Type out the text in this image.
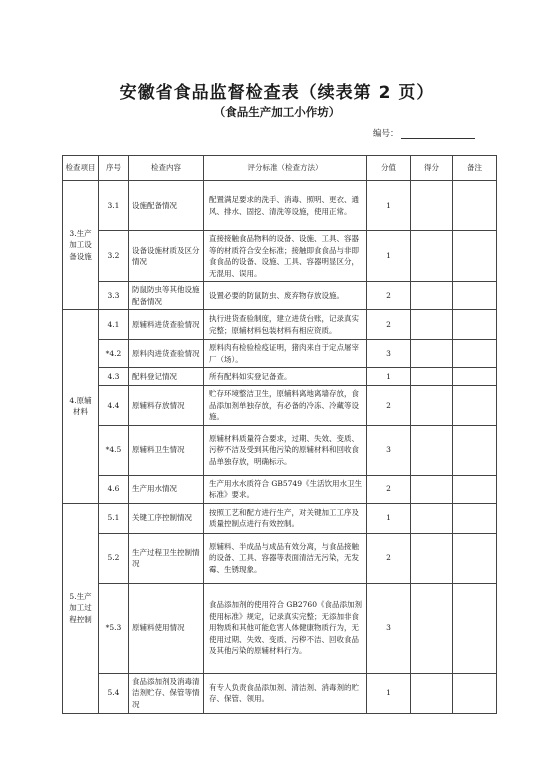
安徽省食品监督检查表（续表第 2 页）
（食品生产加工小作坊）
编号：
检查项目	序号	检查内容	评分标准（检查方法）	分值	得分	备注
3.生产加工设备设施	3.1	设施配备情况	配置满足要求的洗手、消毒、照明、更衣、通风、排水、固挖、清洗等设施，使用正常。	1		
	3.2	设备设施材质及区分情况	直接接触食品物料的设备、设施、工具、容器等的材质符合安全标准；接触即食食品与非即食食品的设备、设施、工具、容器明显区分，无混用、误用。	1		
	3.3	防鼠防虫等其他设施配备情况	设置必要的防鼠防虫、废弃物存放设施。	2		
4.原辅材料	4.1	原辅料进货查验情况	执行进货查验制度，建立进货台账，记录真实完整；原辅材料包装材料有相应资质。	2		
	*4.2	原料肉进货查验情况	原料肉有检验检疫证明，猪肉来自于定点屠宰厂（场）。	3		
	4.3	配料登记情况	所有配料如实登记备查。	1		
	4.4	原辅料存放情况	贮存环境整洁卫生，原辅料离地离墙存放，食品添加剂单独存放，有必备的冷冻、冷藏等设施。	2		
	*4.5	原辅料卫生情况	原辅材料质量符合要求，过期、失效、变质、污秽不洁及受到其他污染的原辅材料和回收食品单独存放，明确标示。	3		
	4.6	生产用水情况	生产用水水质符合 GB5749《生活饮用水卫生标准》要求。	2		
5.生产加工过程控制	5.1	关键工序控制情况	按照工艺和配方进行生产，对关键加工工序及质量控制点进行有效控制。	1		
	5.2	生产过程卫生控制情况	原辅料、半成品与成品有效分离，与食品接触的设备、工具、容器等表面清洁无污染，无发霉、生锈现象。	2		
	*5.3	原辅料使用情况	食品添加剂的使用符合 GB2760《食品添加剂使用标准》规定，记录真实完整；无添加非食用物质和其他可能危害人体健康物质行为，无使用过期、失效、变质、污秽不洁、回收食品及其他污染的原辅材料行为。	3		
	5.4	食品添加剂及消毒清洁剂贮存、保管等情况	有专人负责食品添加剂、清洁剂、消毒剂的贮存、保管、领用。	1		
